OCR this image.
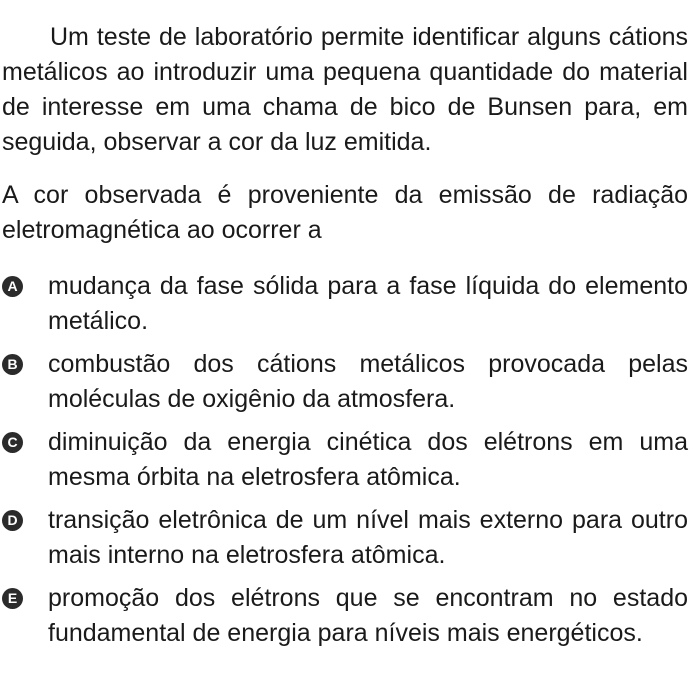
Um teste de laboratório permite identificar alguns cátions metálicos ao introduzir uma pequena quantidade do material de interesse em uma chama de bico de Bunsen para, em seguida, observar a cor da luz emitida.

A cor observada é proveniente da emissão de radiação eletromagnética ao ocorrer a

A mudança da fase sólida para a fase líquida do elemento metálico.
B combustão dos cátions metálicos provocada pelas moléculas de oxigênio da atmosfera.
C diminuição da energia cinética dos elétrons em uma mesma órbita na eletrosfera atômica.
D transição eletrônica de um nível mais externo para outro mais interno na eletrosfera atômica.
E promoção dos elétrons que se encontram no estado fundamental de energia para níveis mais energéticos.
